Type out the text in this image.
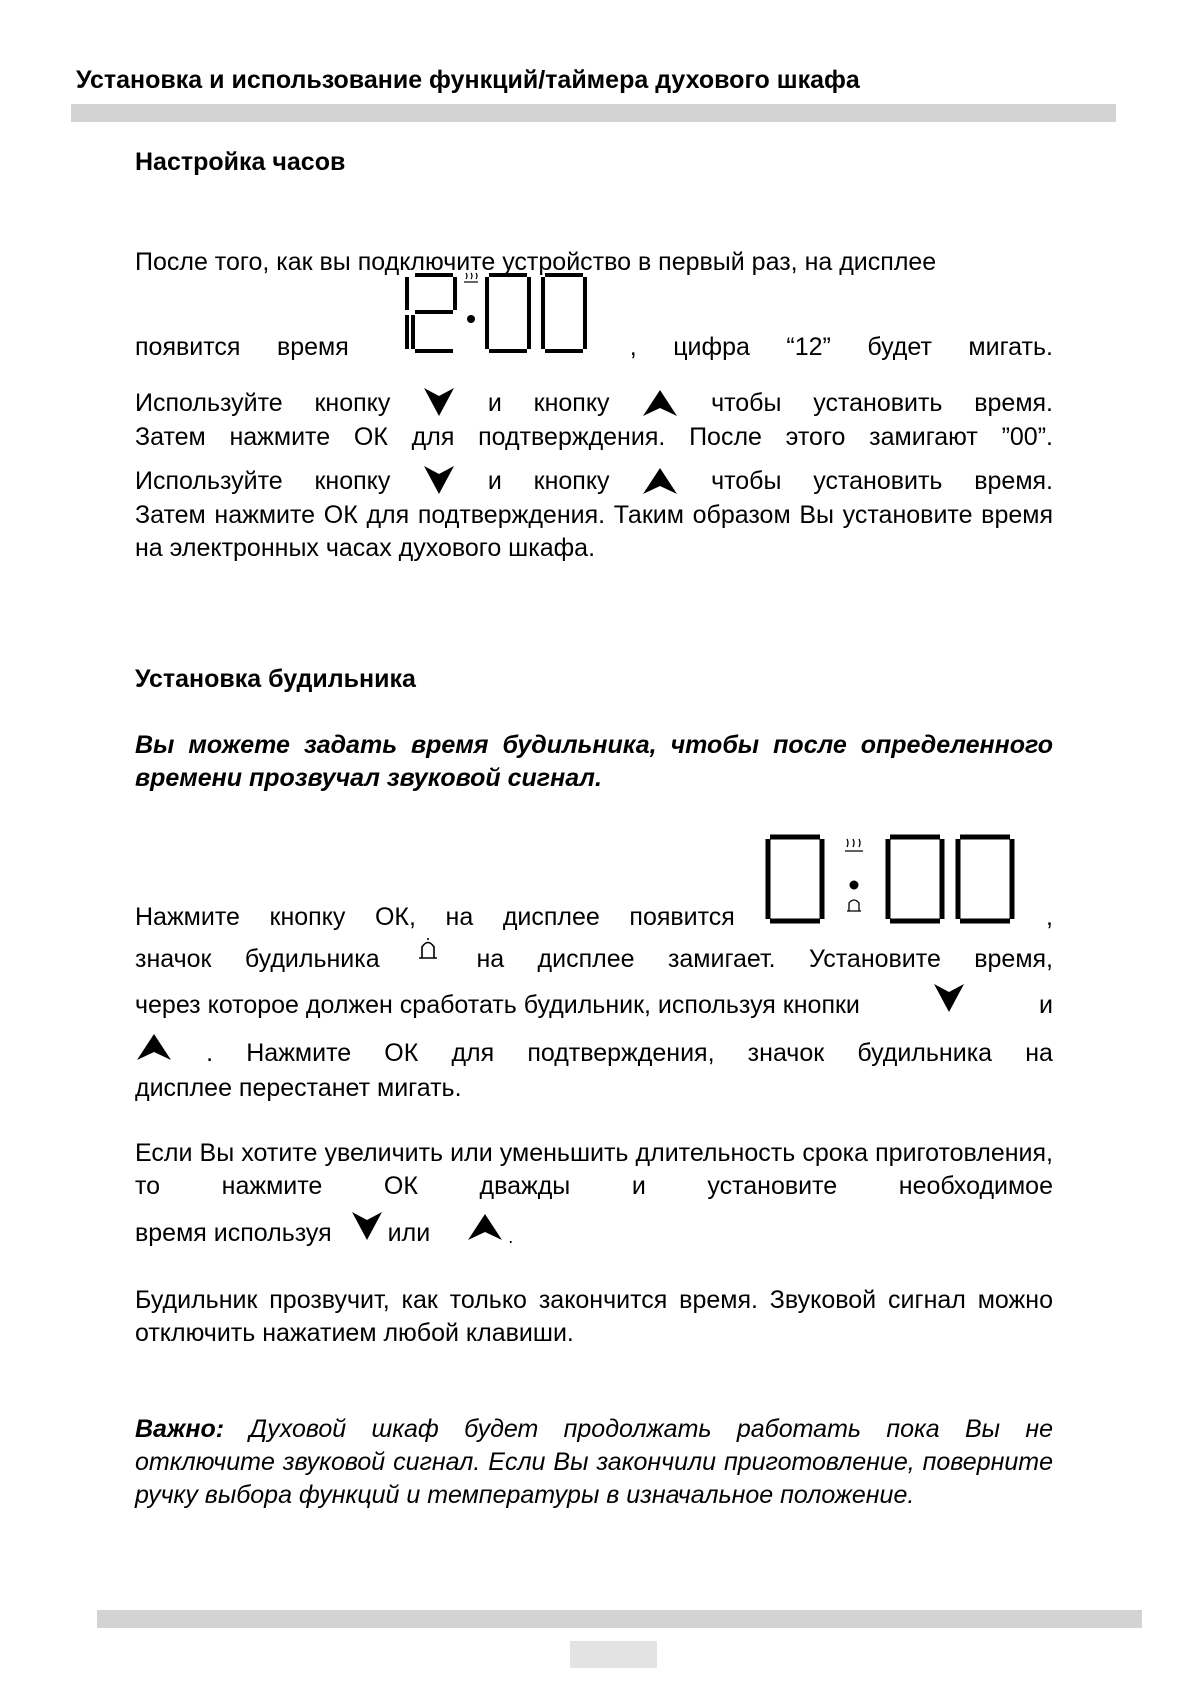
Установка и использование функций/таймера духового шкафа
Настройка часов
После того, как вы подключите устройство в первый раз, на дисплее
появится время	, цифра “12” будет мигать.
Используйте кнопку	и кнопку	чтобы установить время.
Затем нажмите ОК для подтверждения. После этого замигают ”00”.
Используйте кнопку	и кнопку	чтобы установить время.
Затем нажмите ОК для подтверждения. Таким образом Вы установите время на электронных часах духового шкафа.
Установка будильника
Вы можете задать время будильника, чтобы после определенного времени прозвучал звуковой сигнал.
Нажмите кнопку ОК, на дисплее появится	,
значок будильника	на дисплее замигает. Установите время,
через которое должен сработать будильник, используя кнопки	и
. Нажмите ОК для подтверждения, значок будильника на
дисплее перестанет мигать.
Если Вы хотите увеличить или уменьшить длительность срока приготовления, то нажмите ОК дважды и установите необходимое
время используя или	.
Будильник прозвучит, как только закончится время. Звуковой сигнал можно отключить нажатием любой клавиши.
Важно: Духовой шкаф будет продолжать работать пока Вы не отключите звуковой сигнал. Если Вы закончили приготовление, поверните ручку выбора функций и температуры в изначальное положение.
